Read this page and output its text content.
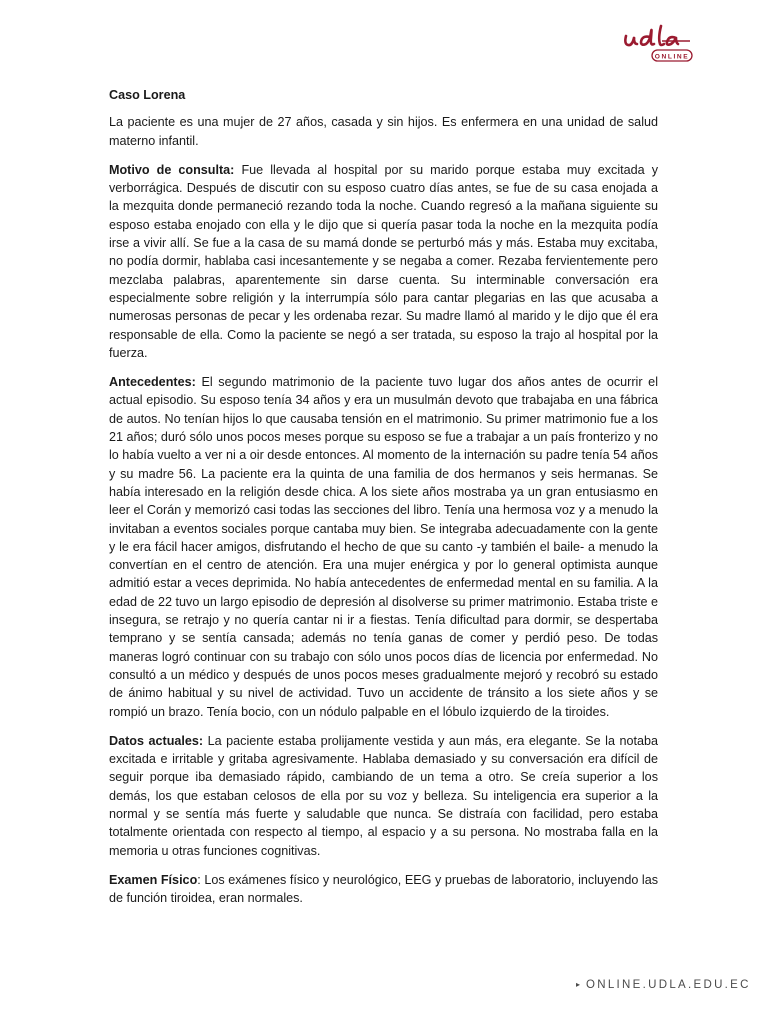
ONLINE

Caso Lorena

La paciente es una mujer de 27 años, casada y sin hijos. Es enfermera en una unidad de salud materno infantil.

Motivo de consulta: Fue llevada al hospital por su marido porque estaba muy excitada y verborrágica. Después de discutir con su esposo cuatro días antes, se fue de su casa enojada a la mezquita donde permaneció rezando toda la noche. Cuando regresó a la mañana siguiente su esposo estaba enojado con ella y le dijo que si quería pasar toda la noche en la mezquita podía irse a vivir allí. Se fue a la casa de su mamá donde se perturbó más y más. Estaba muy excitaba, no podía dormir, hablaba casi incesantemente y se negaba a comer. Rezaba fervientemente pero mezclaba palabras, aparentemente sin darse cuenta. Su interminable conversación era especialmente sobre religión y la interrumpía sólo para cantar plegarias en las que acusaba a numerosas personas de pecar y les ordenaba rezar. Su madre llamó al marido y le dijo que él era responsable de ella. Como la paciente se negó a ser tratada, su esposo la trajo al hospital por la fuerza.

Antecedentes: El segundo matrimonio de la paciente tuvo lugar dos años antes de ocurrir el actual episodio. Su esposo tenía 34 años y era un musulmán devoto que trabajaba en una fábrica de autos. No tenían hijos lo que causaba tensión en el matrimonio. Su primer matrimonio fue a los 21 años; duró sólo unos pocos meses porque su esposo se fue a trabajar a un país fronterizo y no lo había vuelto a ver ni a oir desde entonces. Al momento de la internación su padre tenía 54 años y su madre 56. La paciente era la quinta de una familia de dos hermanos y seis hermanas. Se había interesado en la religión desde chica. A los siete años mostraba ya un gran entusiasmo en leer el Corán y memorizó casi todas las secciones del libro. Tenía una hermosa voz y a menudo la invitaban a eventos sociales porque cantaba muy bien. Se integraba adecuadamente con la gente y le era fácil hacer amigos, disfrutando el hecho de que su canto -y también el baile- a menudo la convertían en el centro de atención. Era una mujer enérgica y por lo general optimista aunque admitió estar a veces deprimida. No había antecedentes de enfermedad mental en su familia. A la edad de 22 tuvo un largo episodio de depresión al disolverse su primer matrimonio. Estaba triste e insegura, se retrajo y no quería cantar ni ir a fiestas. Tenía dificultad para dormir, se despertaba temprano y se sentía cansada; además no tenía ganas de comer y perdió peso. De todas maneras logró continuar con su trabajo con sólo unos pocos días de licencia por enfermedad. No consultó a un médico y después de unos pocos meses gradualmente mejoró y recobró su estado de ánimo habitual y su nivel de actividad. Tuvo un accidente de tránsito a los siete años y se rompió un brazo. Tenía bocio, con un nódulo palpable en el lóbulo izquierdo de la tiroides.

Datos actuales: La paciente estaba prolijamente vestida y aun más, era elegante. Se la notaba excitada e irritable y gritaba agresivamente. Hablaba demasiado y su conversación era difícil de seguir porque iba demasiado rápido, cambiando de un tema a otro. Se creía superior a los demás, los que estaban celosos de ella por su voz y belleza. Su inteligencia era superior a la normal y se sentía más fuerte y saludable que nunca. Se distraía con facilidad, pero estaba totalmente orientada con respecto al tiempo, al espacio y a su persona. No mostraba falla en la memoria u otras funciones cognitivas.

Examen Físico: Los exámenes físico y neurológico, EEG y pruebas de laboratorio, incluyendo las de función tiroidea, eran normales.

▸ ONLINE.UDLA.EDU.EC
